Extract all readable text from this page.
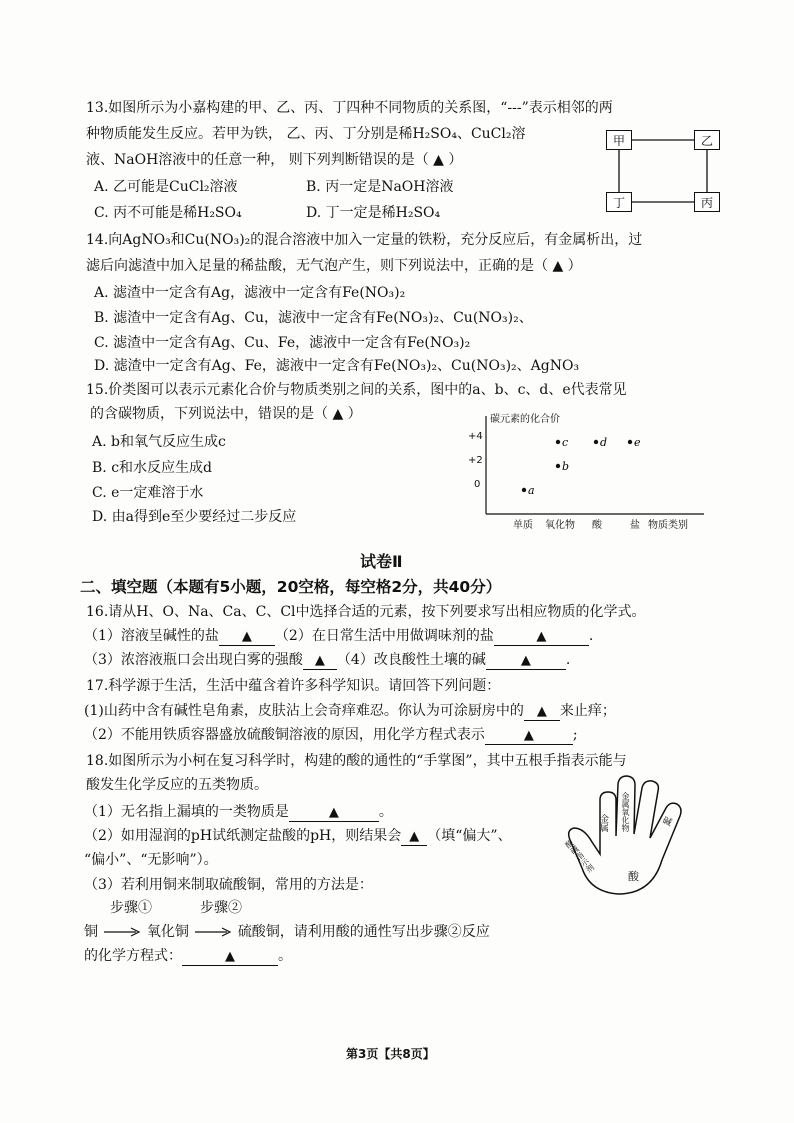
13.如图所示为小嘉构建的甲、乙、丙、丁四种不同物质的关系图，“---”表示相邻的两
种物质能发生反应。若甲为铁， 乙、丙、丁分别是稀H₂SO₄、CuCl₂溶
液、NaOH溶液中的任意一种， 则下列判断错误的是（ ▲ ）
A. 乙可能是CuCl₂溶液	B. 丙一定是NaOH溶液
C. 丙不可能是稀H₂SO₄	D. 丁一定是稀H₂SO₄
甲	乙
丁	丙
14.向AgNO₃和Cu(NO₃)₂的混合溶液中加入一定量的铁粉，充分反应后，有金属析出，过
滤后向滤渣中加入足量的稀盐酸，无气泡产生，则下列说法中，正确的是（ ▲ ）
A. 滤渣中一定含有Ag，滤液中一定含有Fe(NO₃)₂
B. 滤渣中一定含有Ag、Cu，滤液中一定含有Fe(NO₃)₂、Cu(NO₃)₂、
C. 滤渣中一定含有Ag、Cu、Fe，滤液中一定含有Fe(NO₃)₂
D. 滤渣中一定含有Ag、Fe，滤液中一定含有Fe(NO₃)₂、Cu(NO₃)₂、AgNO₃
15.价类图可以表示元素化合价与物质类别之间的关系，图中的a、b、c、d、e代表常见
的含碳物质，下列说法中，错误的是（ ▲ ）
A. b和氧气反应生成c
B. c和水反应生成d
C. e一定难溶于水
D. 由a得到e至少要经过二步反应
a
b
c	d e
碳元素的化合价
+4
+2
0
单质 氧化物 酸	盐 物质类别
试卷Ⅱ
二、填空题（本题有5小题，20空格，每空格2分，共40分）
16.请从H、O、Na、Ca、C、Cl中选择合适的元素，按下列要求写出相应物质的化学式。
（1）溶液呈碱性的盐 ▲ （2）在日常生活中用做调味剂的盐	▲	.
（3）浓溶液瓶口会出现白雾的强酸 ▲ （4）改良酸性土壤的碱	▲	.
17.科学源于生活，生活中蕴含着许多科学知识。请回答下列问题：
(1)山药中含有碱性皂角素，皮肤沾上会奇痒难忍。你认为可涂厨房中的 ▲ 来止痒；
（2）不能用铁质容器盛放硫酸铜溶液的原因，用化学方程式表示	▲	;
18.如图所示为小柯在复习科学时，构建的酸的通性的“手掌图”，其中五根手指表示能与
酸发生化学反应的五类物质。
（1）无名指上漏填的一类物质是	▲	。
（2）如用湿润的pH试纸测定盐酸的pH，则结果会 ▲ （填“偏大”、
“偏小”、“无影响”）。
（3）若利用铜来制取硫酸铜，常用的方法是：
步骤①	步骤②
铜	氧化铜	硫酸铜，请利用酸的通性写出步骤②反应
的化学方程式：	▲	。
金属 金属氧化物
酸碱指示剂
碱
酸
第3页【共8页】
